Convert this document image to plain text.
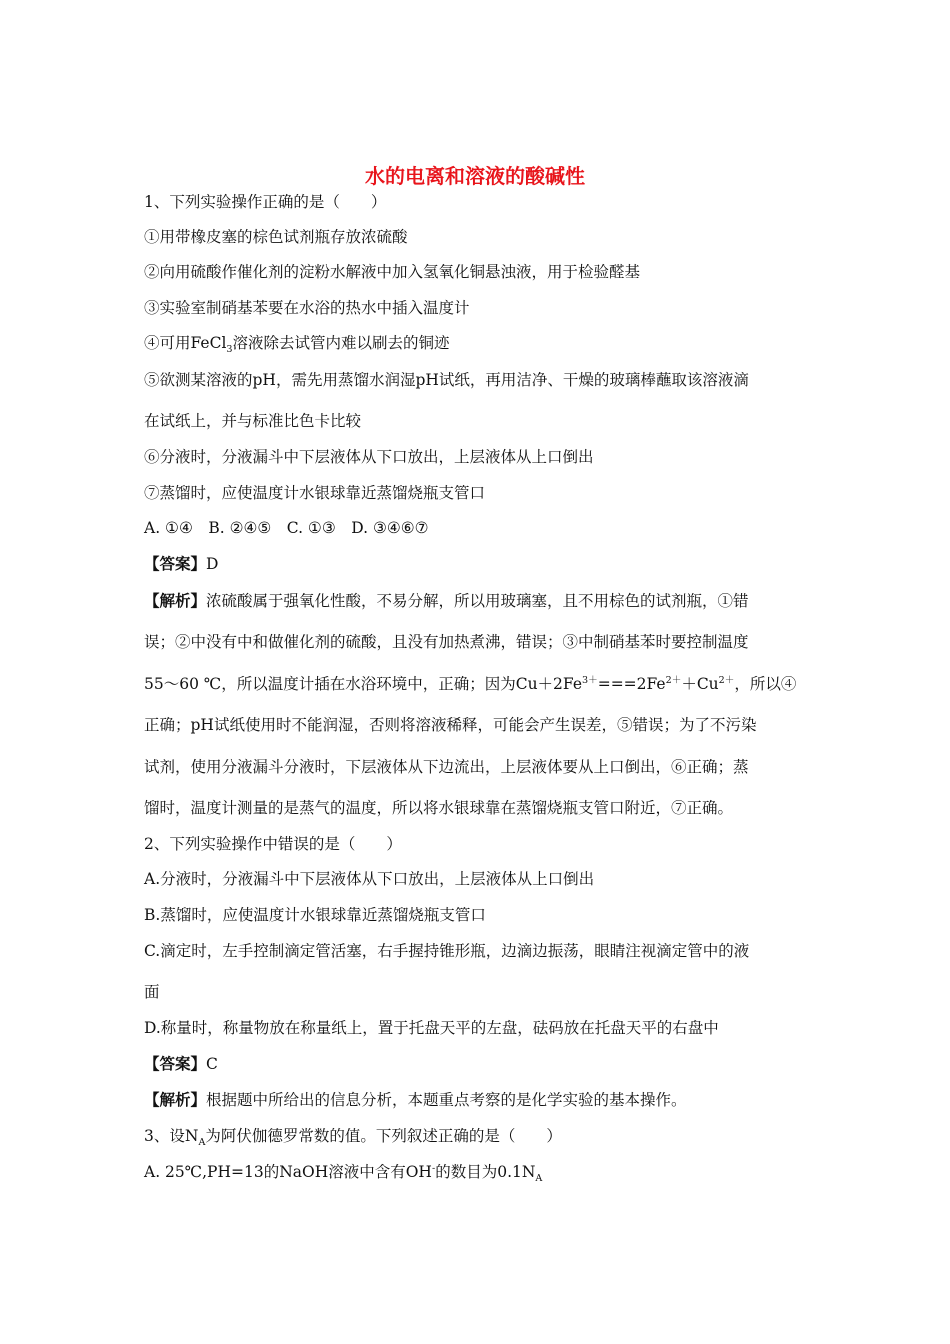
水的电离和溶液的酸碱性
1、下列实验操作正确的是（　　）
①用带橡皮塞的棕色试剂瓶存放浓硫酸
②向用硫酸作催化剂的淀粉水解液中加入氢氧化铜悬浊液，用于检验醛基
③实验室制硝基苯要在水浴的热水中插入温度计
④可用FeCl$_3$溶液除去试管内难以刷去的铜迹
⑤欲测某溶液的pH，需先用蒸馏水润湿pH试纸，再用洁净、干燥的玻璃棒蘸取该溶液滴
在试纸上，并与标准比色卡比较
⑥分液时，分液漏斗中下层液体从下口放出，上层液体从上口倒出
⑦蒸馏时，应使温度计水银球靠近蒸馏烧瓶支管口
A. ①④　B. ②④⑤　C. ①③　D. ③④⑥⑦
【答案】D
【解析】浓硫酸属于强氧化性酸，不易分解，所以用玻璃塞，且不用棕色的试剂瓶，①错
误；②中没有中和做催化剂的硫酸，且没有加热煮沸，错误；③中制硝基苯时要控制温度
55～60 ℃，所以温度计插在水浴环境中，正确；因为$Cu+2Fe^{3+}===2Fe^{2+}+Cu^{2+}$，所以④
正确；pH试纸使用时不能润湿，否则将溶液稀释，可能会产生误差，⑤错误；为了不污染
试剂，使用分液漏斗分液时，下层液体从下边流出，上层液体要从上口倒出，⑥正确；蒸
馏时，温度计测量的是蒸气的温度，所以将水银球靠在蒸馏烧瓶支管口附近，⑦正确。
2、下列实验操作中错误的是（　　）
A.分液时，分液漏斗中下层液体从下口放出，上层液体从上口倒出
B.蒸馏时，应使温度计水银球靠近蒸馏烧瓶支管口
C.滴定时，左手控制滴定管活塞，右手握持锥形瓶，边滴边振荡，眼睛注视滴定管中的液
面
D.称量时，称量物放在称量纸上，置于托盘天平的左盘，砝码放在托盘天平的右盘中
【答案】C
【解析】根据题中所给出的信息分析，本题重点考察的是化学实验的基本操作。
3、设$N_A$为阿伏伽德罗常数的值。下列叙述正确的是（　　）
A. 25℃,PH=13的NaOH溶液中含有OH-的数目为$0.1N_A$
